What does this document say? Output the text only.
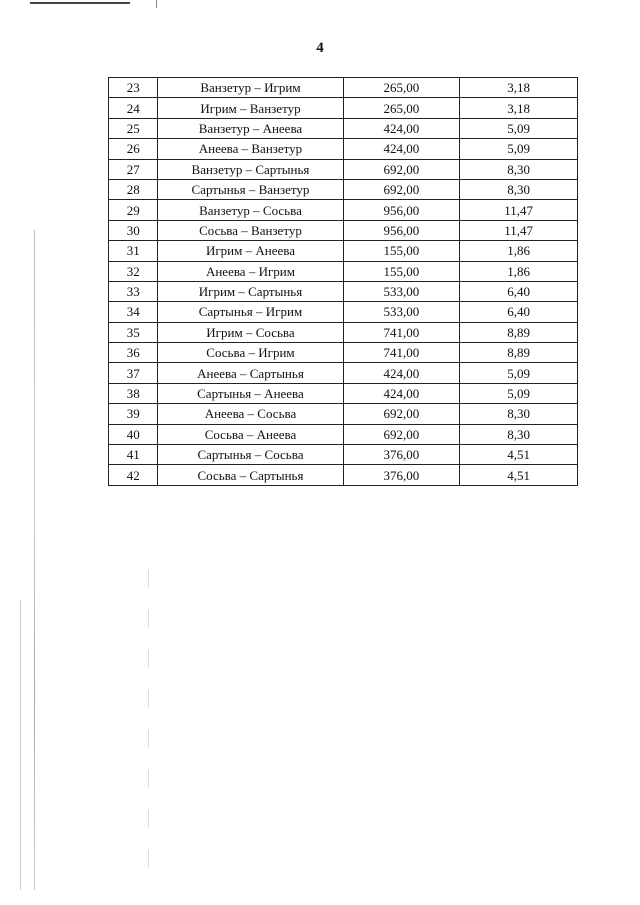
4
23	Ванзетур – Игрим	265,00	3,18
24	Игрим – Ванзетур	265,00	3,18
25	Ванзетур – Анеева	424,00	5,09
26	Анеева – Ванзетур	424,00	5,09
27	Ванзетур – Сартынья	692,00	8,30
28	Сартынья – Ванзетур	692,00	8,30
29	Ванзетур – Сосьва	956,00	11,47
30	Сосьва – Ванзетур	956,00	11,47
31	Игрим – Анеева	155,00	1,86
32	Анеева – Игрим	155,00	1,86
33	Игрим – Сартынья	533,00	6,40
34	Сартынья – Игрим	533,00	6,40
35	Игрим – Сосьва	741,00	8,89
36	Сосьва – Игрим	741,00	8,89
37	Анеева – Сартынья	424,00	5,09
38	Сартынья – Анеева	424,00	5,09
39	Анеева – Сосьва	692,00	8,30
40	Сосьва – Анеева	692,00	8,30
41	Сартынья – Сосьва	376,00	4,51
42	Сосьва – Сартынья	376,00	4,51
